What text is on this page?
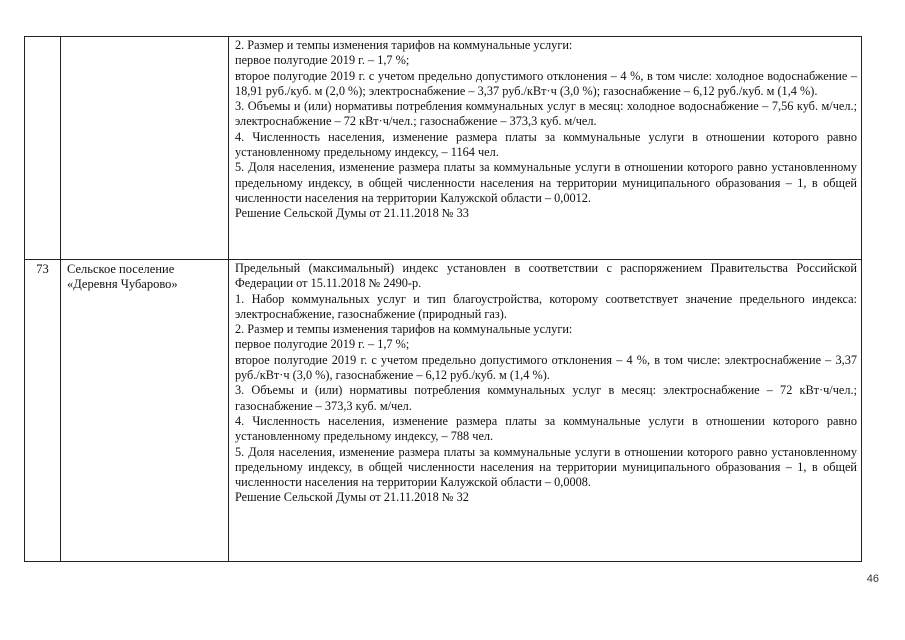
2. Размер и темпы изменения тарифов на коммунальные услуги:

первое полугодие 2019 г. – 1,7 %;

второе полугодие 2019 г. с учетом предельно допустимого отклонения – 4 %, в том числе: холодное водоснабжение – 18,91 руб./куб. м (2,0 %); электроснабжение – 3,37 руб./кВт·ч (3,0 %); газоснабжение – 6,12 руб./куб. м (1,4 %).

3. Объемы и (или) нормативы потребления коммунальных услуг в месяц: холодное водоснабжение – 7,56 куб. м/чел.; электроснабжение – 72 кВт·ч/чел.; газоснабжение – 373,3 куб. м/чел.

4. Численность населения, изменение размера платы за коммунальные услуги в отношении которого равно установленному предельному индексу, – 1164 чел.

5. Доля населения, изменение размера платы за коммунальные услуги в отношении которого равно установленному предельному индексу, в общей численности населения на территории муниципального образования – 1, в общей численности населения на территории Калужской области – 0,0012.

Решение Сельской Думы от 21.11.2018 № 33

73	Сельское поселение «Деревня Чубарово»

Предельный (максимальный) индекс установлен в соответствии с распоряжением Правительства Российской Федерации от 15.11.2018 № 2490-р.

1. Набор коммунальных услуг и тип благоустройства, которому соответствует значение предельного индекса: электроснабжение, газоснабжение (природный газ).

2. Размер и темпы изменения тарифов на коммунальные услуги:

первое полугодие 2019 г. – 1,7 %;

второе полугодие 2019 г. с учетом предельно допустимого отклонения – 4 %, в том числе: электроснабжение – 3,37 руб./кВт·ч (3,0 %), газоснабжение – 6,12 руб./куб. м (1,4 %).

3. Объемы и (или) нормативы потребления коммунальных услуг в месяц: электроснабжение – 72 кВт·ч/чел.; газоснабжение – 373,3 куб. м/чел.

4. Численность населения, изменение размера платы за коммунальные услуги в отношении которого равно установленному предельному индексу, – 788 чел.

5. Доля населения, изменение размера платы за коммунальные услуги в отношении которого равно установленному предельному индексу, в общей численности населения на территории муниципального образования – 1, в общей численности населения на территории Калужской области – 0,0008.

Решение Сельской Думы от 21.11.2018 № 32

46
